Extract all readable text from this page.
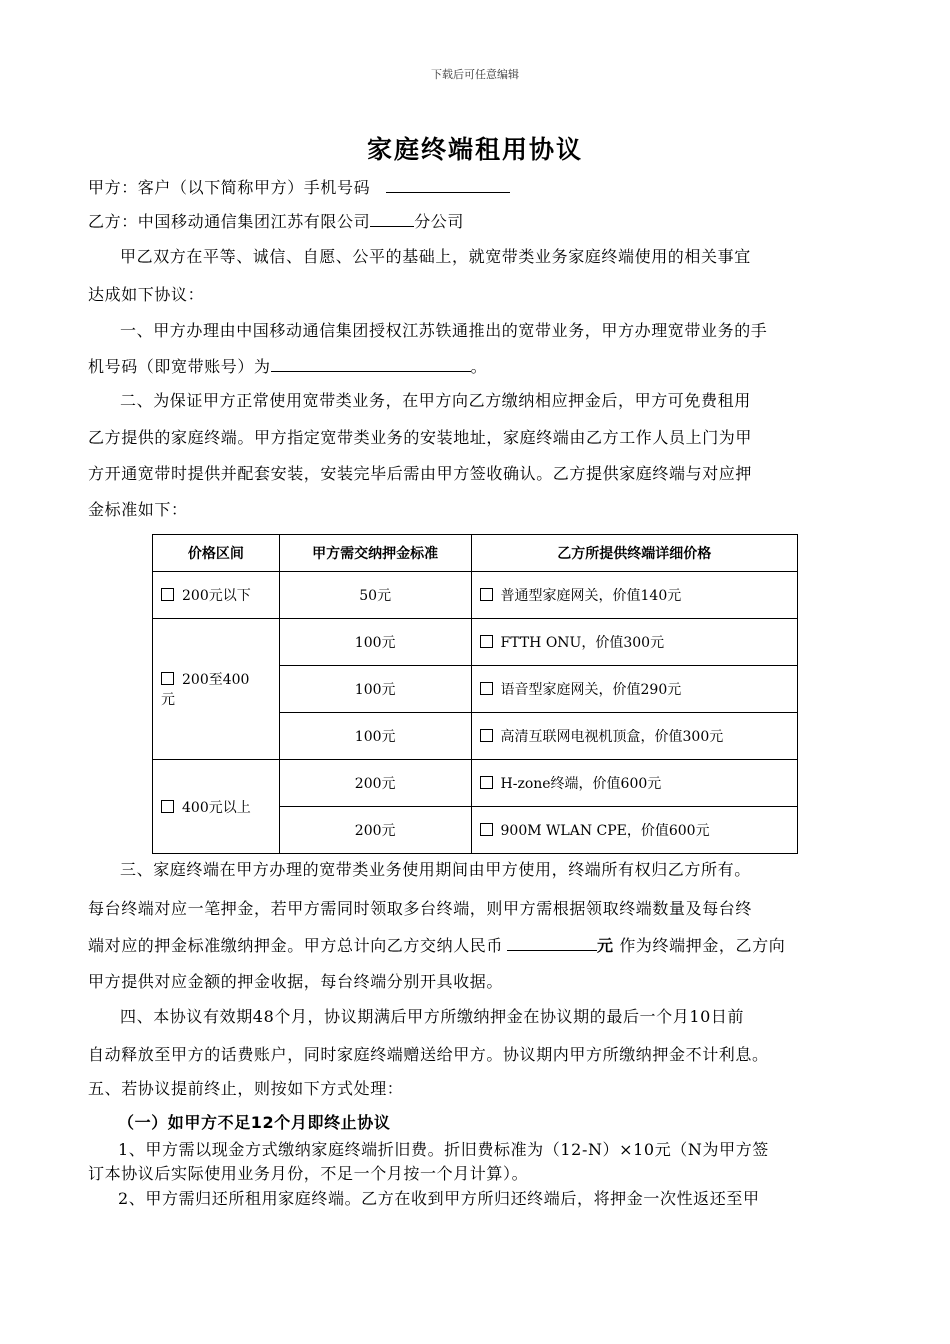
下载后可任意编辑
家庭终端租用协议
甲方：客户（以下简称甲方）手机号码
乙方：中国移动通信集团江苏有限公司	分公司
甲乙双方在平等、诚信、自愿、公平的基础上，就宽带类业务家庭终端使用的相关事宜
达成如下协议：
一、甲方办理由中国移动通信集团授权江苏铁通推出的宽带业务，甲方办理宽带业务的手
机号码（即宽带账号）为	。
二、为保证甲方正常使用宽带类业务，在甲方向乙方缴纳相应押金后，甲方可免费租用
乙方提供的家庭终端。甲方指定宽带类业务的安装地址，家庭终端由乙方工作人员上门为甲
方开通宽带时提供并配套安装，安装完毕后需由甲方签收确认。乙方提供家庭终端与对应押
金标准如下：
价格区间	甲方需交纳押金标准	乙方所提供终端详细价格
200元以下	50元	普通型家庭网关，价值140元
200至400
元	100元	FTTH ONU，价值300元
	100元	语音型家庭网关，价值290元
	100元	高清互联网电视机顶盒，价值300元
400元以上	200元	H-zone终端，价值600元
	200元	900M WLAN CPE，价值600元
三、家庭终端在甲方办理的宽带类业务使用期间由甲方使用，终端所有权归乙方所有。
每台终端对应一笔押金，若甲方需同时领取多台终端，则甲方需根据领取终端数量及每台终
端对应的押金标准缴纳押金。甲方总计向乙方交纳人民币	元 作为终端押金，乙方向
甲方提供对应金额的押金收据，每台终端分别开具收据。
四、本协议有效期48个月，协议期满后甲方所缴纳押金在协议期的最后一个月10日前
自动释放至甲方的话费账户，同时家庭终端赠送给甲方。协议期内甲方所缴纳押金不计利息。
五、若协议提前终止，则按如下方式处理：
（一）如甲方不足12个月即终止协议
1、甲方需以现金方式缴纳家庭终端折旧费。折旧费标准为（12-N）×10元（N为甲方签
订本协议后实际使用业务月份，不足一个月按一个月计算）。
2、甲方需归还所租用家庭终端。乙方在收到甲方所归还终端后，将押金一次性返还至甲
